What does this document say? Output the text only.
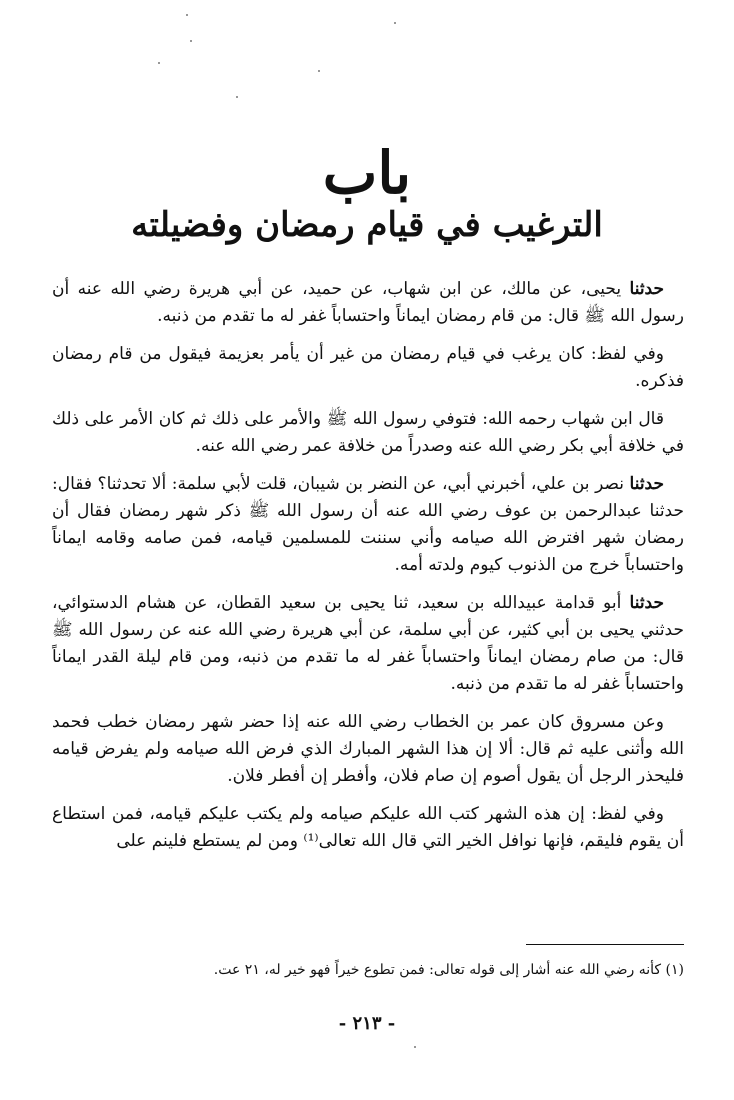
باب
الترغيب في قيام رمضان وفضيلته

حدثنا يحيى، عن مالك، عن ابن شهاب، عن حميد، عن أبي هريرة رضي الله عنه أن رسول الله ﷺ قال: من قام رمضان ايماناً واحتساباً غفر له ما تقدم من ذنبه.

وفي لفظ: كان يرغب في قيام رمضان من غير أن يأمر بعزيمة فيقول من قام رمضان فذكره.

قال ابن شهاب رحمه الله: فتوفي رسول الله ﷺ والأمر على ذلك ثم كان الأمر على ذلك في خلافة أبي بكر رضي الله عنه وصدراً من خلافة عمر رضي الله عنه.

حدثنا نصر بن علي، أخبرني أبي، عن النضر بن شيبان، قلت لأبي سلمة: ألا تحدثنا؟ فقال: حدثنا عبدالرحمن بن عوف رضي الله عنه أن رسول الله ﷺ ذكر شهر رمضان فقال أن رمضان شهر افترض الله صيامه وأني سننت للمسلمين قيامه، فمن صامه وقامه ايماناً واحتساباً خرج من الذنوب كيوم ولدته أمه.

حدثنا أبو قدامة عبيدالله بن سعيد، ثنا يحيى بن سعيد القطان، عن هشام الدستوائي، حدثني يحيى بن أبي كثير، عن أبي سلمة، عن أبي هريرة رضي الله عنه عن رسول الله ﷺ قال: من صام رمضان ايماناً واحتساباً غفر له ما تقدم من ذنبه، ومن قام ليلة القدر ايماناً واحتساباً غفر له ما تقدم من ذنبه.

وعن مسروق كان عمر بن الخطاب رضي الله عنه إذا حضر شهر رمضان خطب فحمد الله وأثنى عليه ثم قال: ألا إن هذا الشهر المبارك الذي فرض الله صيامه ولم يفرض قيامه فليحذر الرجل أن يقول أصوم إن صام فلان، وأفطر إن أفطر فلان.

وفي لفظ: إن هذه الشهر كتب الله عليكم صيامه ولم يكتب عليكم قيامه، فمن استطاع أن يقوم فليقم، فإنها نوافل الخير التي قال الله تعالى⁽¹⁾ ومن لم يستطع فلينم على

(١) كأنه رضي الله عنه أشار إلى قوله تعالى: فمن تطوع خيراً فهو خير له، ٢١ عت.
- ٢١٣ -
